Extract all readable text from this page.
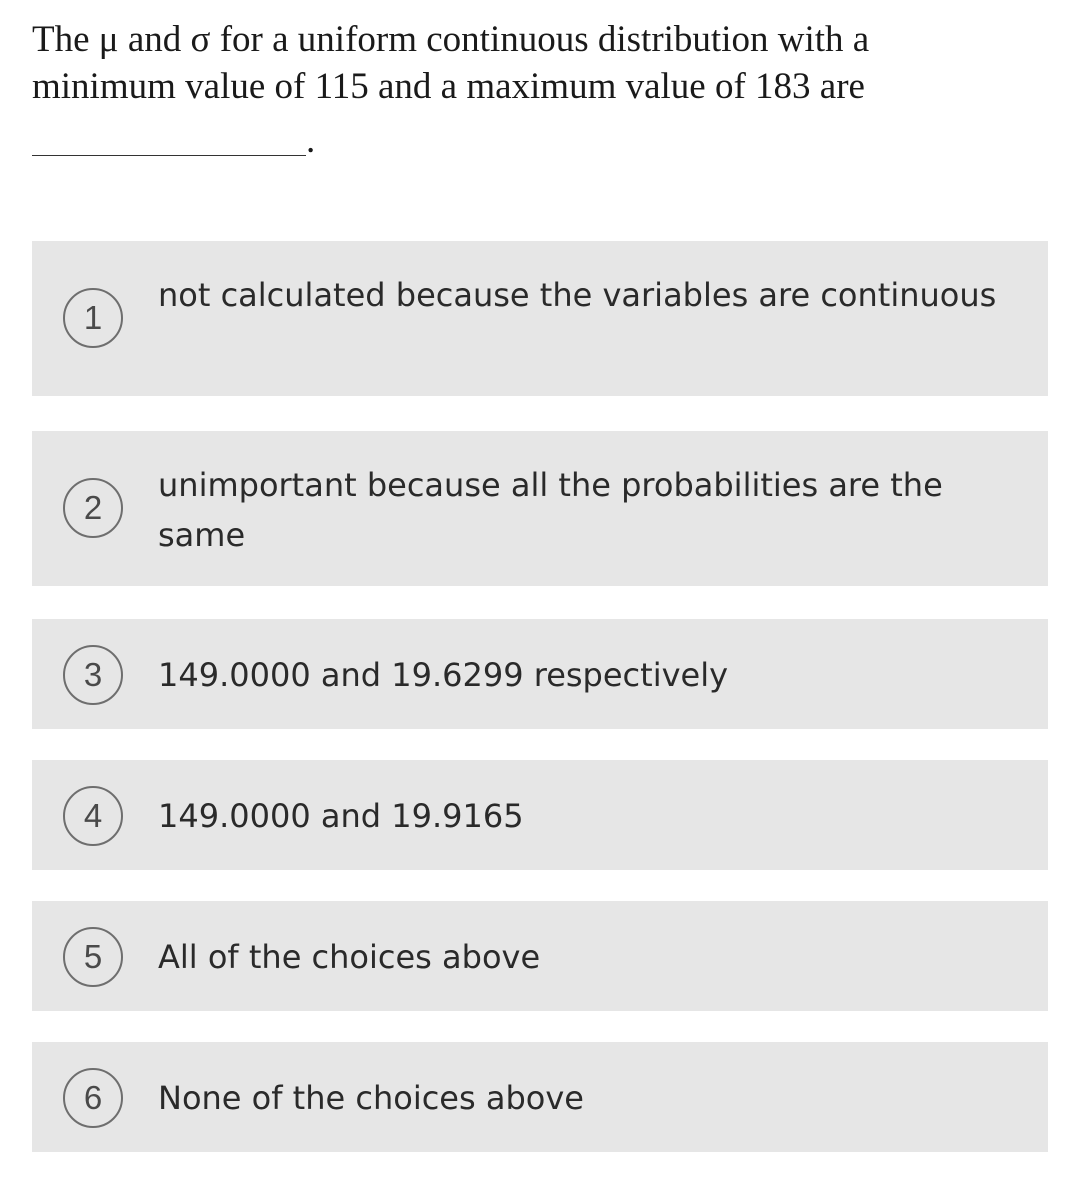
The μ and σ for a uniform continuous distribution with a
minimum value of 115 and a maximum value of 183 are
.
1
not calculated because the variables are continuous
2
unimportant because all the probabilities are the same
3	149.0000 and 19.6299 respectively
4	149.0000 and 19.9165
5	All of the choices above
6	None of the choices above
